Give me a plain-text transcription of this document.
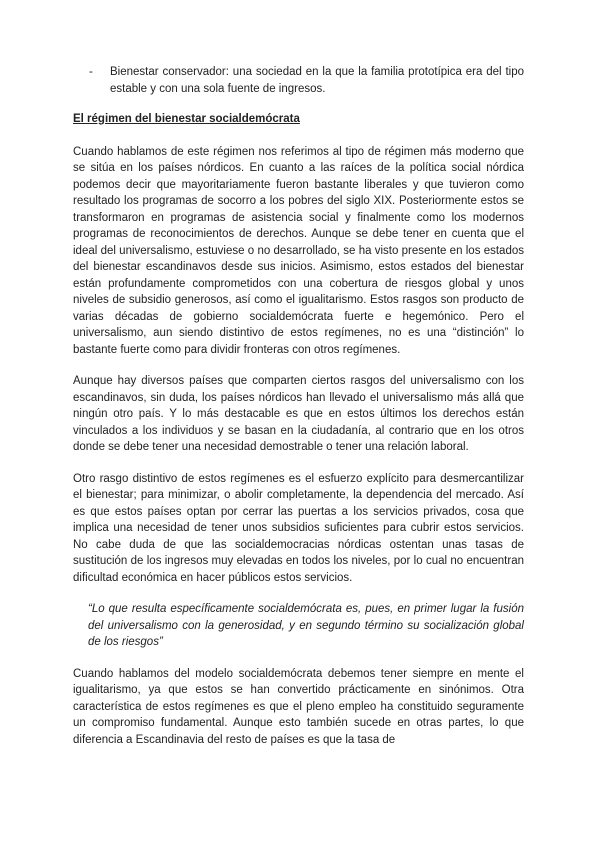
-	Bienestar conservador: una sociedad en la que la familia prototípica era del tipo estable y con una sola fuente de ingresos.
El régimen del bienestar socialdemócrata

Cuando hablamos de este régimen nos referimos al tipo de régimen más moderno que se sitúa en los países nórdicos. En cuanto a las raíces de la política social nórdica podemos decir que mayoritariamente fueron bastante liberales y que tuvieron como resultado los programas de socorro a los pobres del siglo XIX. Posteriormente estos se transformaron en programas de asistencia social y finalmente como los modernos programas de reconocimientos de derechos. Aunque se debe tener en cuenta que el ideal del universalismo, estuviese o no desarrollado, se ha visto presente en los estados del bienestar escandinavos desde sus inicios. Asimismo, estos estados del bienestar están profundamente comprometidos con una cobertura de riesgos global y unos niveles de subsidio generosos, así como el igualitarismo. Estos rasgos son producto de varias décadas de gobierno socialdemócrata fuerte e hegemónico. Pero el universalismo, aun siendo distintivo de estos regímenes, no es una “distinción” lo bastante fuerte como para dividir fronteras con otros regímenes.

Aunque hay diversos países que comparten ciertos rasgos del universalismo con los escandinavos, sin duda, los países nórdicos han llevado el universalismo más allá que ningún otro país. Y lo más destacable es que en estos últimos los derechos están vinculados a los individuos y se basan en la ciudadanía, al contrario que en los otros donde se debe tener una necesidad demostrable o tener una relación laboral.

Otro rasgo distintivo de estos regímenes es el esfuerzo explícito para desmercantilizar el bienestar; para minimizar, o abolir completamente, la dependencia del mercado. Así es que estos países optan por cerrar las puertas a los servicios privados, cosa que implica una necesidad de tener unos subsidios suficientes para cubrir estos servicios. No cabe duda de que las socialdemocracias nórdicas ostentan unas tasas de sustitución de los ingresos muy elevadas en todos los niveles, por lo cual no encuentran dificultad económica en hacer públicos estos servicios.

“Lo que resulta específicamente socialdemócrata es, pues, en primer lugar la fusión del universalismo con la generosidad, y en segundo término su socialización global de los riesgos”

Cuando hablamos del modelo socialdemócrata debemos tener siempre en mente el igualitarismo, ya que estos se han convertido prácticamente en sinónimos. Otra característica de estos regímenes es que el pleno empleo ha constituido seguramente un compromiso fundamental. Aunque esto también sucede en otras partes, lo que diferencia a Escandinavia del resto de países es que la tasa de
